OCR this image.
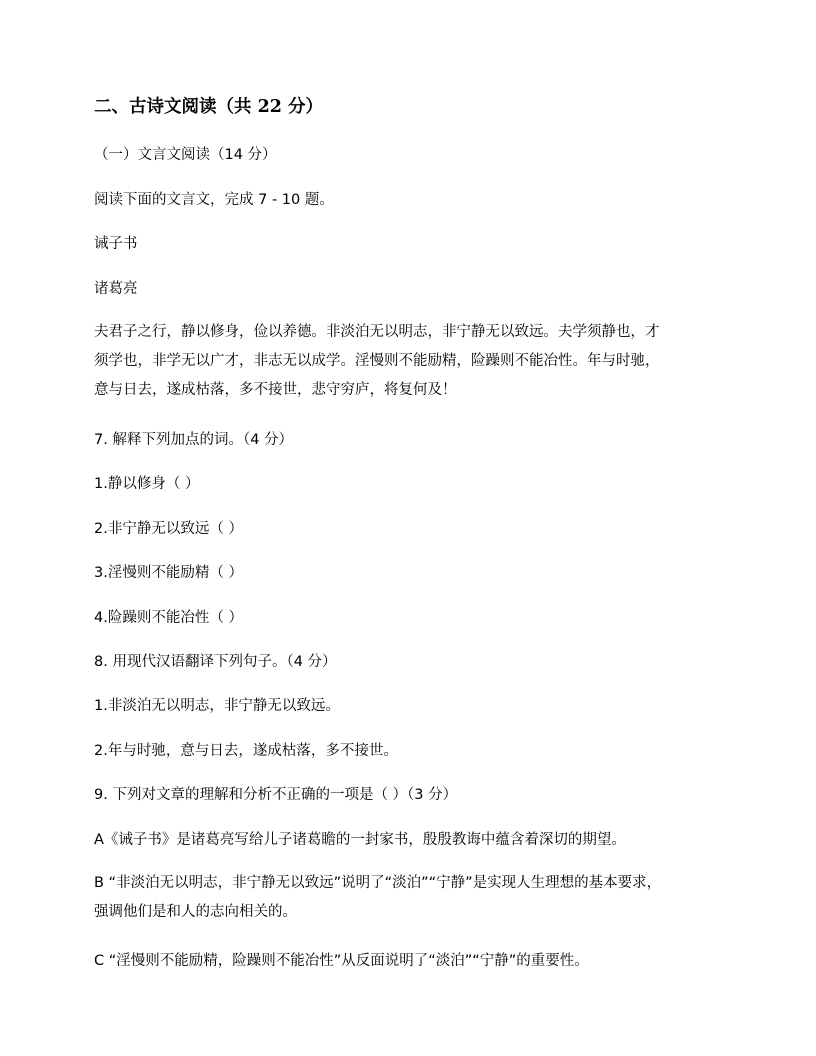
二、古诗文阅读（共 22 分）
（一）文言文阅读（14 分）
阅读下面的文言文，完成 7 - 10 题。
诫子书
诸葛亮
夫君子之行，静以修身，俭以养德。非淡泊无以明志，非宁静无以致远。夫学须静也，才
须学也，非学无以广才，非志无以成学。淫慢则不能励精，险躁则不能冶性。年与时驰，
意与日去，遂成枯落，多不接世，悲守穷庐，将复何及！
7. 解释下列加点的词。（4 分）
1.静以修身（ ）
2.非宁静无以致远（ ）
3.淫慢则不能励精（ ）
4.险躁则不能冶性（ ）
8. 用现代汉语翻译下列句子。（4 分）
1.非淡泊无以明志，非宁静无以致远。
2.年与时驰，意与日去，遂成枯落，多不接世。
9. 下列对文章的理解和分析不正确的一项是（ ）（3 分）
A《诫子书》是诸葛亮写给儿子诸葛瞻的一封家书，殷殷教诲中蕴含着深切的期望。
B “非淡泊无以明志，非宁静无以致远”说明了“淡泊”“宁静”是实现人生理想的基本要求，
强调他们是和人的志向相关的。
C “淫慢则不能励精，险躁则不能冶性”从反面说明了“淡泊”“宁静”的重要性。
